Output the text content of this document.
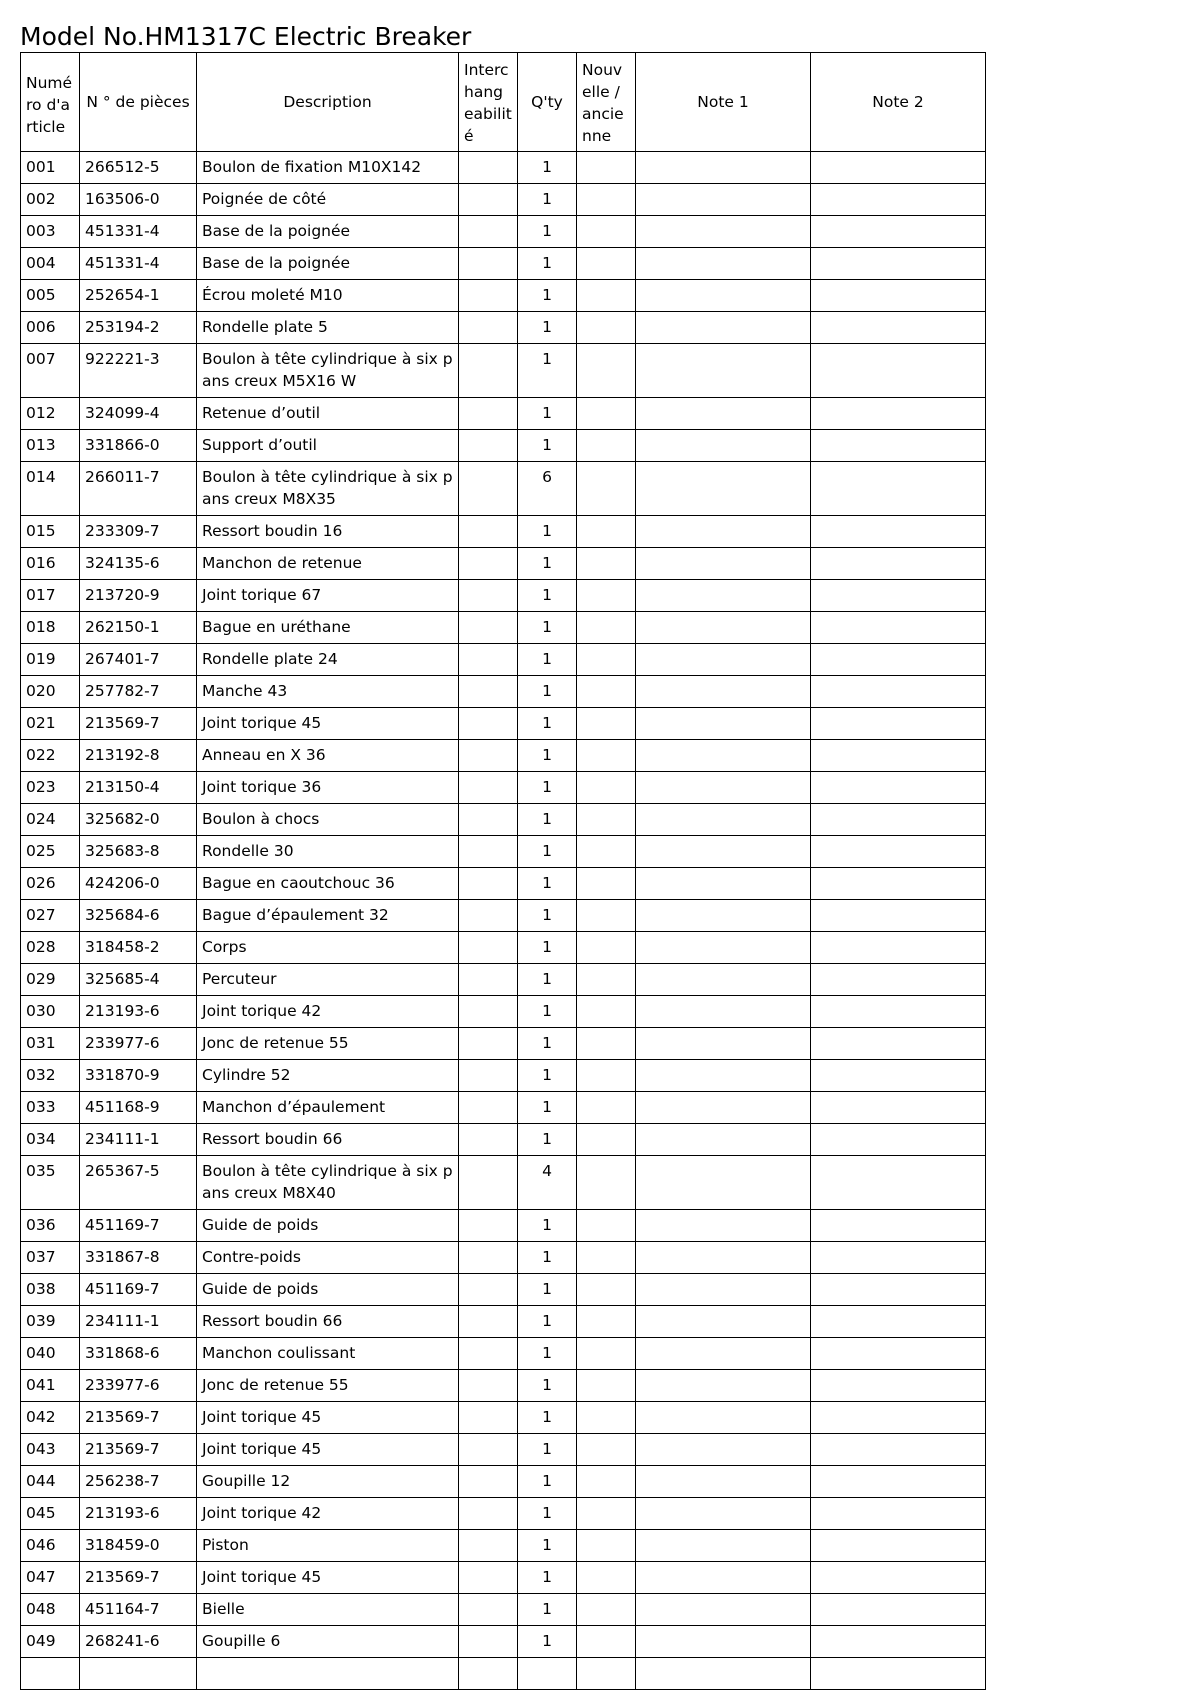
Model No.HM1317C Electric Breaker
Numéro d'article	N ° de pièces	Description	Interchangeabilité	Q'ty	Nouvelle / ancienne	Note 1	Note 2
001	266512-5	Boulon de fixation M10X142		1			
002	163506-0	Poignée de côté		1			
003	451331-4	Base de la poignée		1			
004	451331-4	Base de la poignée		1			
005	252654-1	Écrou moleté M10		1			
006	253194-2	Rondelle plate 5		1			
007	922221-3	Boulon à tête cylindrique à six pans creux M5X16 W		1			
012	324099-4	Retenue d’outil		1			
013	331866-0	Support d’outil		1			
014	266011-7	Boulon à tête cylindrique à six pans creux M8X35		6			
015	233309-7	Ressort boudin 16		1			
016	324135-6	Manchon de retenue		1			
017	213720-9	Joint torique 67		1			
018	262150-1	Bague en uréthane		1			
019	267401-7	Rondelle plate 24		1			
020	257782-7	Manche 43		1			
021	213569-7	Joint torique 45		1			
022	213192-8	Anneau en X 36		1			
023	213150-4	Joint torique 36		1			
024	325682-0	Boulon à chocs		1			
025	325683-8	Rondelle 30		1			
026	424206-0	Bague en caoutchouc 36		1			
027	325684-6	Bague d’épaulement 32		1			
028	318458-2	Corps		1			
029	325685-4	Percuteur		1			
030	213193-6	Joint torique 42		1			
031	233977-6	Jonc de retenue 55		1			
032	331870-9	Cylindre 52		1			
033	451168-9	Manchon d’épaulement		1			
034	234111-1	Ressort boudin 66		1			
035	265367-5	Boulon à tête cylindrique à six pans creux M8X40		4			
036	451169-7	Guide de poids		1			
037	331867-8	Contre-poids		1			
038	451169-7	Guide de poids		1			
039	234111-1	Ressort boudin 66		1			
040	331868-6	Manchon coulissant		1			
041	233977-6	Jonc de retenue 55		1			
042	213569-7	Joint torique 45		1			
043	213569-7	Joint torique 45		1			
044	256238-7	Goupille 12		1			
045	213193-6	Joint torique 42		1			
046	318459-0	Piston		1			
047	213569-7	Joint torique 45		1			
048	451164-7	Bielle		1			
049	268241-6	Goupille 6		1			
